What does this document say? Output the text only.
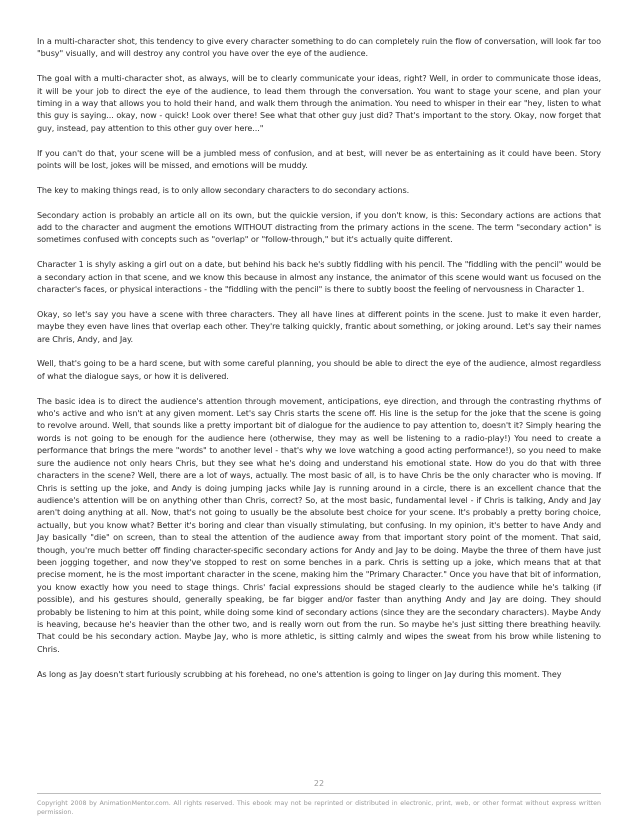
In a multi-character shot, this tendency to give every character something to do can completely ruin the flow of conversation, will look far too "busy" visually, and will destroy any control you have over the eye of the audience.

The goal with a multi-character shot, as always, will be to clearly communicate your ideas, right? Well, in order to communicate those ideas, it will be your job to direct the eye of the audience, to lead them through the conversation. You want to stage your scene, and plan your timing in a way that allows you to hold their hand, and walk them through the animation. You need to whisper in their ear "hey, listen to what this guy is saying... okay, now - quick! Look over there! See what that other guy just did? That's important to the story. Okay, now forget that guy, instead, pay attention to this other guy over here..."

If you can't do that, your scene will be a jumbled mess of confusion, and at best, will never be as entertaining as it could have been. Story points will be lost, jokes will be missed, and emotions will be muddy.

The key to making things read, is to only allow secondary characters to do secondary actions.

Secondary action is probably an article all on its own, but the quickie version, if you don't know, is this: Secondary actions are actions that add to the character and augment the emotions WITHOUT distracting from the primary actions in the scene. The term "secondary action" is sometimes confused with concepts such as "overlap" or "follow-through," but it's actually quite different.

Character 1 is shyly asking a girl out on a date, but behind his back he's subtly fiddling with his pencil. The "fiddling with the pencil" would be a secondary action in that scene, and we know this because in almost any instance, the animator of this scene would want us focused on the character's faces, or physical interactions - the "fiddling with the pencil" is there to subtly boost the feeling of nervousness in Character 1.

Okay, so let's say you have a scene with three characters. They all have lines at different points in the scene. Just to make it even harder, maybe they even have lines that overlap each other. They're talking quickly, frantic about something, or joking around. Let's say their names are Chris, Andy, and Jay.

Well, that's going to be a hard scene, but with some careful planning, you should be able to direct the eye of the audience, almost regardless of what the dialogue says, or how it is delivered.

The basic idea is to direct the audience's attention through movement, anticipations, eye direction, and through the contrasting rhythms of who's active and who isn't at any given moment. Let's say Chris starts the scene off. His line is the setup for the joke that the scene is going to revolve around. Well, that sounds like a pretty important bit of dialogue for the audience to pay attention to, doesn't it? Simply hearing the words is not going to be enough for the audience here (otherwise, they may as well be listening to a radio-play!) You need to create a performance that brings the mere "words" to another level - that's why we love watching a good acting performance!), so you need to make sure the audience not only hears Chris, but they see what he's doing and understand his emotional state. How do you do that with three characters in the scene? Well, there are a lot of ways, actually. The most basic of all, is to have Chris be the only character who is moving. If Chris is setting up the joke, and Andy is doing jumping jacks while Jay is running around in a circle, there is an excellent chance that the audience's attention will be on anything other than Chris, correct? So, at the most basic, fundamental level - if Chris is talking, Andy and Jay aren't doing anything at all. Now, that's not going to usually be the absolute best choice for your scene. It's probably a pretty boring choice, actually, but you know what? Better it's boring and clear than visually stimulating, but confusing. In my opinion, it's better to have Andy and Jay basically "die" on screen, than to steal the attention of the audience away from that important story point of the moment. That said, though, you're much better off finding character-specific secondary actions for Andy and Jay to be doing. Maybe the three of them have just been jogging together, and now they've stopped to rest on some benches in a park. Chris is setting up a joke, which means that at that precise moment, he is the most important character in the scene, making him the "Primary Character." Once you have that bit of information, you know exactly how you need to stage things. Chris' facial expressions should be staged clearly to the audience while he's talking (if possible), and his gestures should, generally speaking, be far bigger and/or faster than anything Andy and Jay are doing. They should probably be listening to him at this point, while doing some kind of secondary actions (since they are the secondary characters). Maybe Andy is heaving, because he's heavier than the other two, and is really worn out from the run. So maybe he's just sitting there breathing heavily. That could be his secondary action. Maybe Jay, who is more athletic, is sitting calmly and wipes the sweat from his brow while listening to Chris.

As long as Jay doesn't start furiously scrubbing at his forehead, no one's attention is going to linger on Jay during this moment. They

22
Copyright 2008 by AnimationMentor.com. All rights reserved. This ebook may not be reprinted or distributed in electronic, print, web, or other format without express written permission.
